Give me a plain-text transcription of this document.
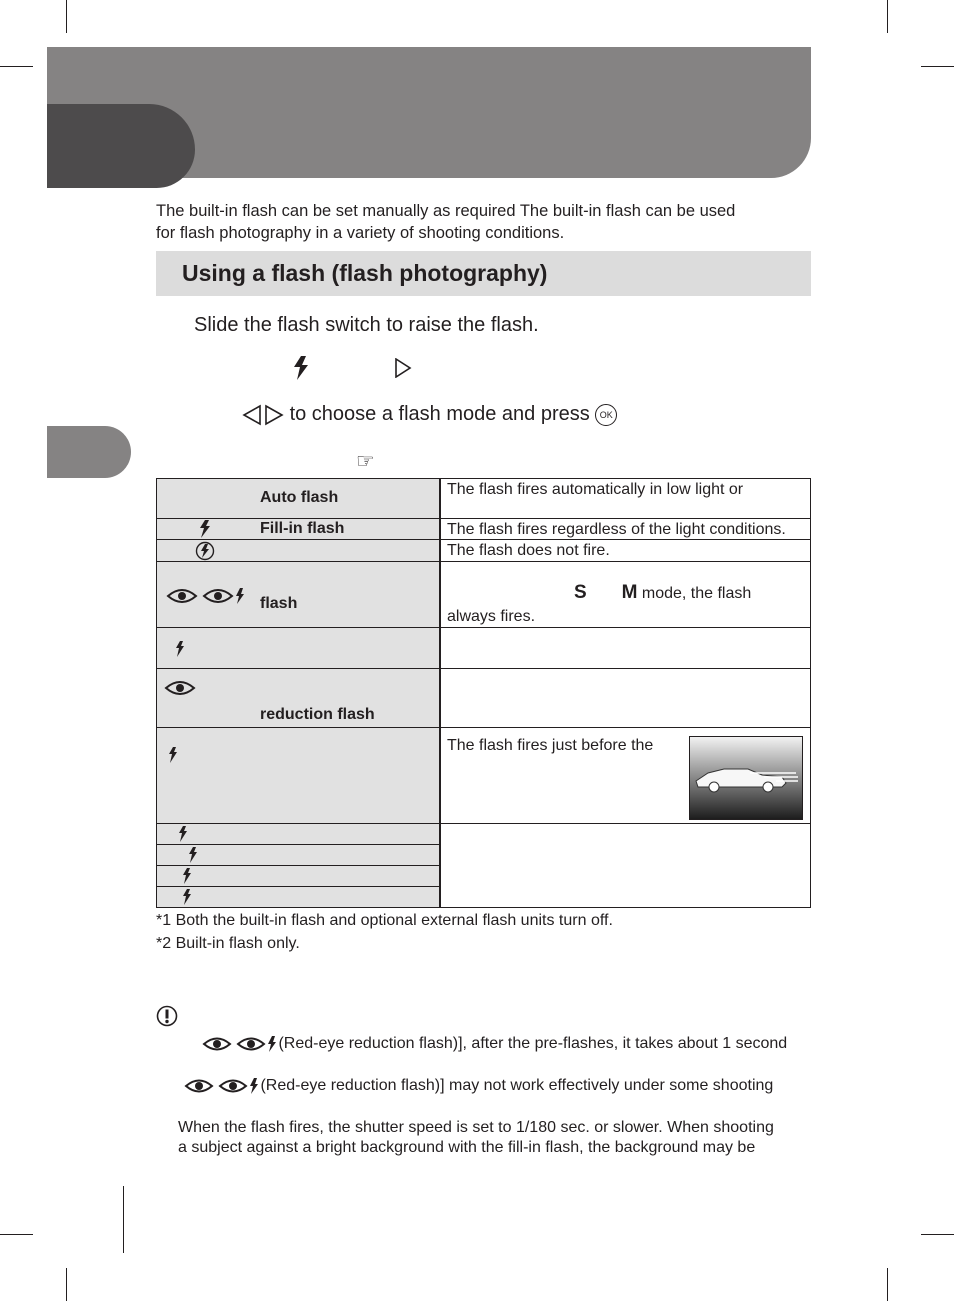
The built-in flash can be set manually as required The built-in flash can be used
for flash photography in a variety of shooting conditions.
Using a flash (flash photography)
Slide the flash switch to raise the flash.
to choose a flash mode and press OK
☞
Auto flash	The flash fires automatically in low light or
Fill-in flash	The flash fires regardless of the light conditions.
The flash does not fire.
flash
S M mode, the flash
always fires.
reduction flash
The flash fires just before the
*1 Both the built-in flash and optional external flash units turn off.
*2 Built-in flash only.
(Red-eye reduction flash)], after the pre-flashes, it takes about 1 second
(Red-eye reduction flash)] may not work effectively under some shooting
When the flash fires, the shutter speed is set to 1/180 sec. or slower. When shooting
a subject against a bright background with the fill-in flash, the background may be
